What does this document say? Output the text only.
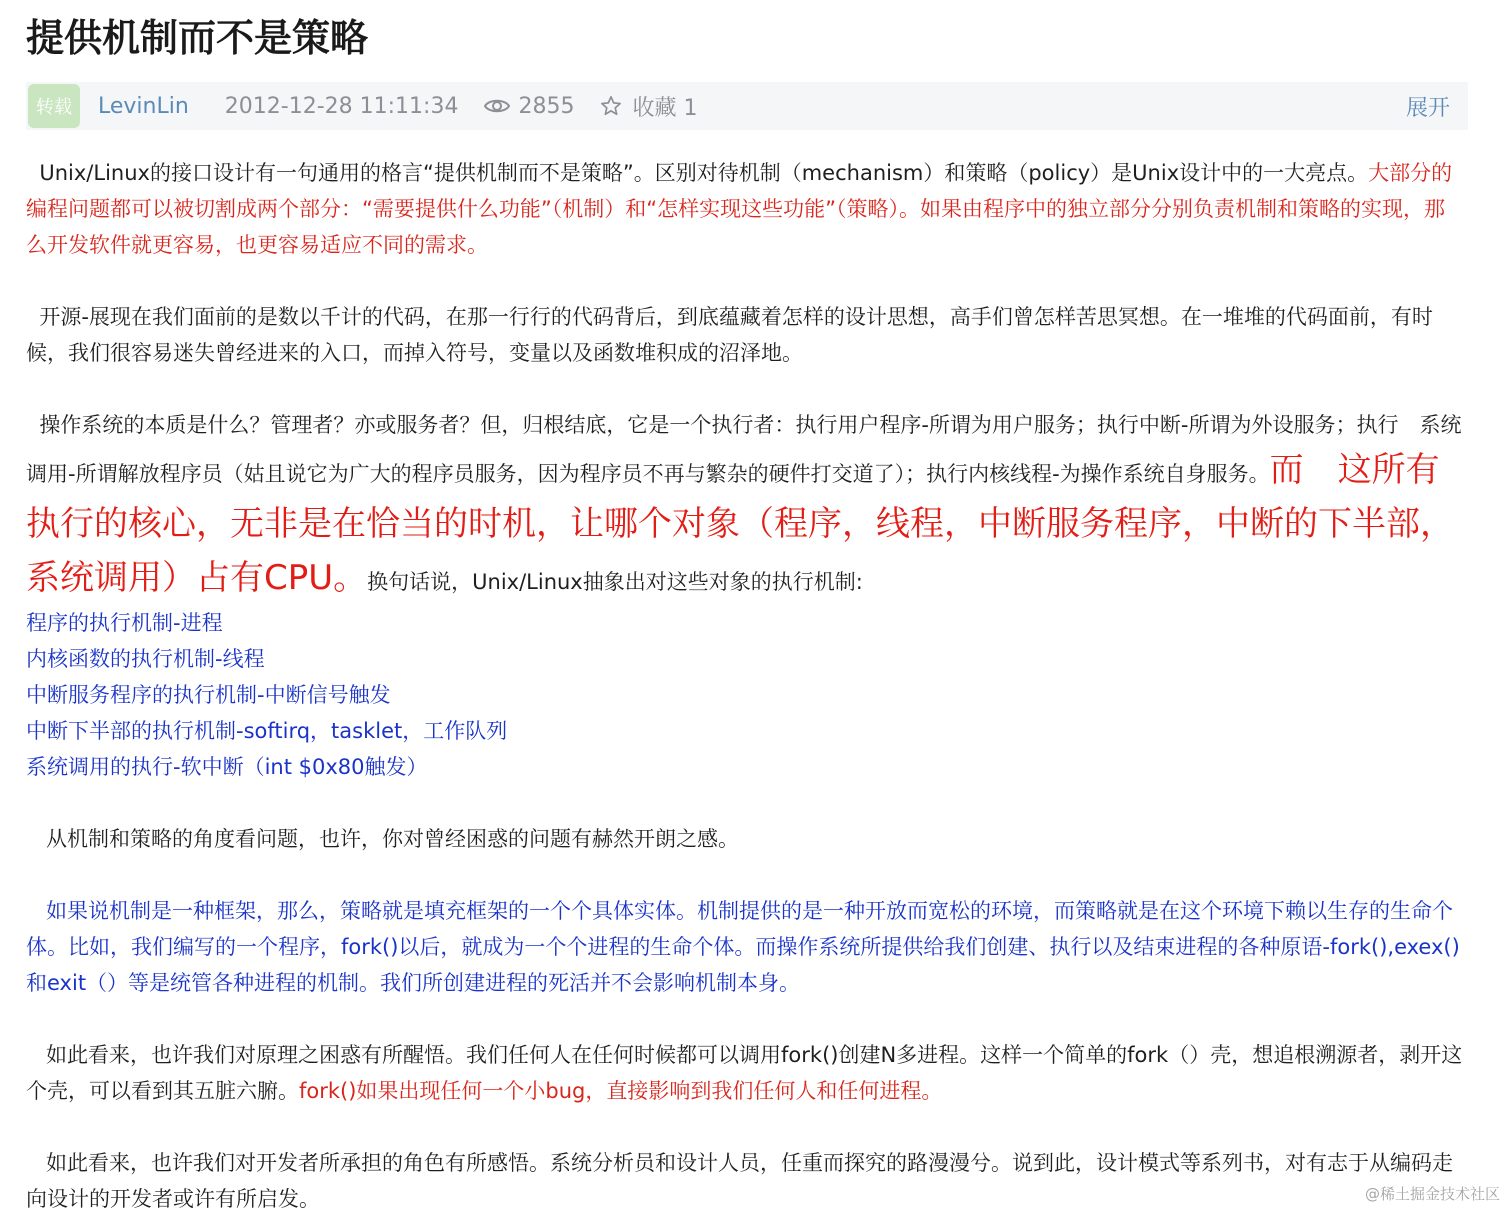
提供机制而不是策略
转载	LevinLin 2012-12-28 11:11:34	2855	收藏 1	展开

Unix/Linux的接口设计有一句通用的格言“提供机制而不是策略”。区别对待机制（mechanism）和策略（policy）是Unix设计中的一大亮点。大部分的编程问题都可以被切割成两个部分：“需要提供什么功能”（机制）和“怎样实现这些功能”（策略）。如果由程序中的独立部分分别负责机制和策略的实现，那么开发软件就更容易，也更容易适应不同的需求。

开源-展现在我们面前的是数以千计的代码，在那一行行的代码背后，到底蕴藏着怎样的设计思想，高手们曾怎样苦思冥想。在一堆堆的代码面前，有时候，我们很容易迷失曾经进来的入口，而掉入符号，变量以及函数堆积成的沼泽地。

操作系统的本质是什么？管理者？亦或服务者？但，归根结底，它是一个执行者：执行用户程序-所谓为用户服务；执行中断-所谓为外设服务；执行　系统调用-所谓解放程序员（姑且说它为广大的程序员服务，因为程序员不再与繁杂的硬件打交道了）；执行内核线程-为操作系统自身服务。而　这所有执行的核心，无非是在恰当的时机，让哪个对象（程序，线程，中断服务程序，中断的下半部，系统调用）占有CPU。换句话说，Unix/Linux抽象出对这些对象的执行机制:

程序的执行机制-进程

内核函数的执行机制-线程

中断服务程序的执行机制-中断信号触发

中断下半部的执行机制-softirq，tasklet，工作队列

系统调用的执行-软中断（int $0x80触发）

从机制和策略的角度看问题，也许，你对曾经困惑的问题有赫然开朗之感。

如果说机制是一种框架，那么，策略就是填充框架的一个个具体实体。机制提供的是一种开放而宽松的环境，而策略就是在这个环境下赖以生存的生命个体。比如，我们编写的一个程序，fork()以后，就成为一个个进程的生命个体。而操作系统所提供给我们创建、执行以及结束进程的各种原语-fork(),exex()和exit（）等是统管各种进程的机制。我们所创建进程的死活并不会影响机制本身。

如此看来，也许我们对原理之困惑有所醒悟。我们任何人在任何时候都可以调用fork()创建N多进程。这样一个简单的fork（）壳，想追根溯源者，剥开这个壳，可以看到其五脏六腑。fork()如果出现任何一个小bug，直接影响到我们任何人和任何进程。

如此看来，也许我们对开发者所承担的角色有所感悟。系统分析员和设计人员，任重而探究的路漫漫兮。说到此，设计模式等系列书，对有志于从编码走向设计的开发者或许有所启发。	@稀土掘金技术社区
